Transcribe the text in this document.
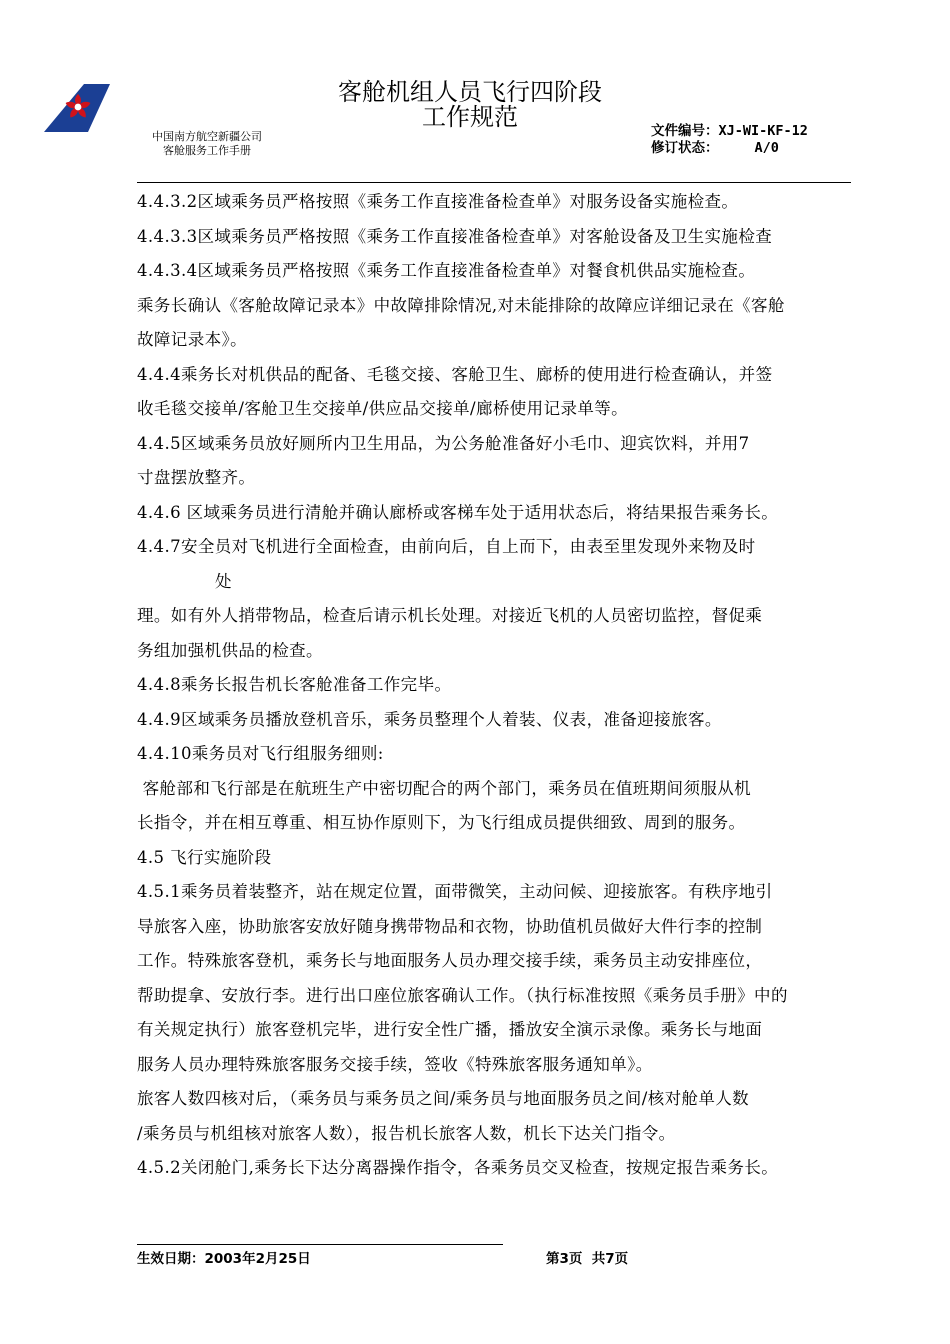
中国南方航空新疆公司
客舱服务工作手册
客舱机组人员飞行四阶段
工作规范	文件编号：XJ-WI-KF-12
修订状态：	A/0

4.4.3.2区域乘务员严格按照《乘务工作直接准备检查单》对服务设备实施检查。

4.4.3.3区域乘务员严格按照《乘务工作直接准备检查单》对客舱设备及卫生实施检查

4.4.3.4区域乘务员严格按照《乘务工作直接准备检查单》对餐食机供品实施检查。

乘务长确认《客舱故障记录本》中故障排除情况,对未能排除的故障应详细记录在《客舱

故障记录本》。

4.4.4乘务长对机供品的配备、毛毯交接、客舱卫生、廊桥的使用进行检查确认，并签

收毛毯交接单/客舱卫生交接单/供应品交接单/廊桥使用记录单等。

4.4.5区域乘务员放好厕所内卫生用品，为公务舱准备好小毛巾、迎宾饮料，并用7

寸盘摆放整齐。

4.4.6 区域乘务员进行清舱并确认廊桥或客梯车处于适用状态后，将结果报告乘务长。

4.4.7安全员对飞机进行全面检查，由前向后，自上而下，由表至里发现外来物及时

处

理。如有外人捎带物品，检查后请示机长处理。对接近飞机的人员密切监控，督促乘

务组加强机供品的检查。

4.4.8乘务长报告机长客舱准备工作完毕。

4.4.9区域乘务员播放登机音乐，乘务员整理个人着装、仪表，准备迎接旅客。

4.4.10乘务员对飞行组服务细则:

客舱部和飞行部是在航班生产中密切配合的两个部门，乘务员在值班期间须服从机

长指令，并在相互尊重、相互协作原则下，为飞行组成员提供细致、周到的服务。

4.5 飞行实施阶段

4.5.1乘务员着装整齐，站在规定位置，面带微笑，主动问候、迎接旅客。有秩序地引

导旅客入座，协助旅客安放好随身携带物品和衣物，协助值机员做好大件行李的控制

工作。特殊旅客登机，乘务长与地面服务人员办理交接手续，乘务员主动安排座位，

帮助提拿、安放行李。进行出口座位旅客确认工作。（执行标准按照《乘务员手册》中的

有关规定执行）旅客登机完毕，进行安全性广播，播放安全演示录像。乘务长与地面

服务人员办理特殊旅客服务交接手续，签收《特殊旅客服务通知单》。

旅客人数四核对后，（乘务员与乘务员之间/乘务员与地面服务员之间/核对舱单人数

/乘务员与机组核对旅客人数），报告机长旅客人数，机长下达关门指令。

4.5.2关闭舱门,乘务长下达分离器操作指令，各乘务员交叉检查，按规定报告乘务长。

生效日期：2003年2月25日	第3页  共7页
